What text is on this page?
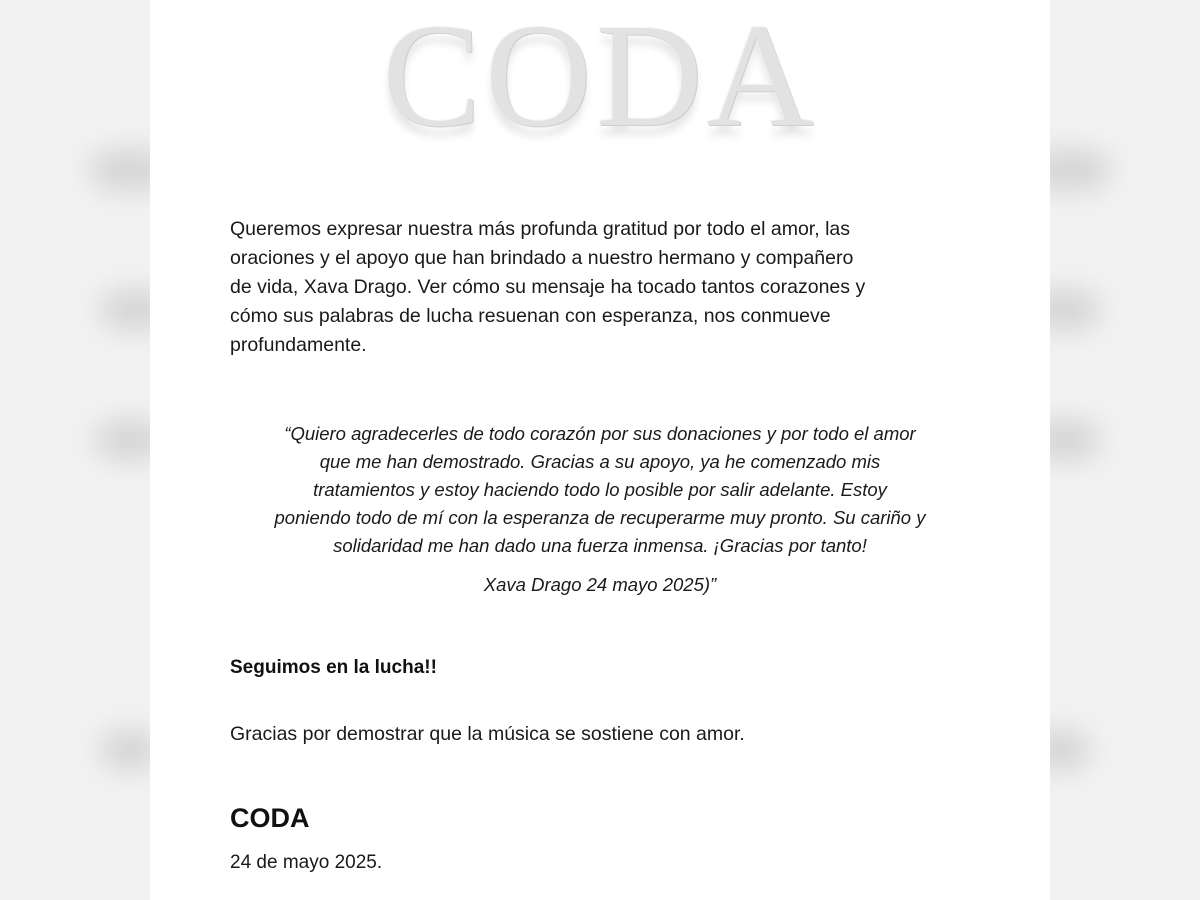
CODA
Queremos expresar nuestra más profunda gratitud por todo el amor, las
oraciones y el apoyo que han brindado a nuestro hermano y compañero
de vida, Xava Drago. Ver cómo su mensaje ha tocado tantos corazones y
cómo sus palabras de lucha resuenan con esperanza, nos conmueve
profundamente.
“Quiero agradecerles de todo corazón por sus donaciones y por todo el amor
que me han demostrado. Gracias a su apoyo, ya he comenzado mis
tratamientos y estoy haciendo todo lo posible por salir adelante. Estoy
poniendo todo de mí con la esperanza de recuperarme muy pronto. Su cariño y
solidaridad me han dado una fuerza inmensa. ¡Gracias por tanto!
Xava Drago 24 mayo 2025)”
Seguimos en la lucha!!
Gracias por demostrar que la música se sostiene con amor.
CODA
24 de mayo 2025.
